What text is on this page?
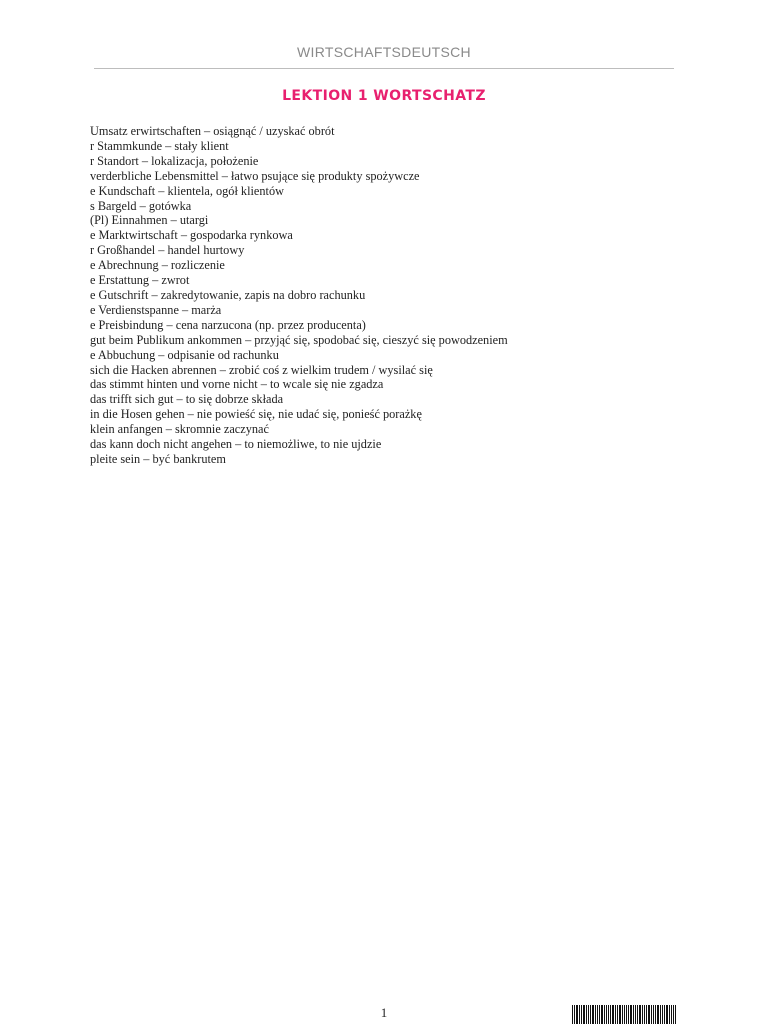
WIRTSCHAFTSDEUTSCH
LEKTION 1 WORTSCHATZ
Umsatz erwirtschaften – osiągnąć / uzyskać obrót
r Stammkunde – stały klient
r Standort – lokalizacja, położenie
verderbliche Lebensmittel – łatwo psujące się produkty spożywcze
e Kundschaft – klientela, ogół klientów
s Bargeld – gotówka
(Pl) Einnahmen – utargi
e Marktwirtschaft – gospodarka rynkowa
r Großhandel – handel hurtowy
e Abrechnung – rozliczenie
e Erstattung – zwrot
e Gutschrift – zakredytowanie, zapis na dobro rachunku
e Verdienstspanne – marża
e Preisbindung – cena narzucona (np. przez producenta)
gut beim Publikum ankommen – przyjąć się, spodobać się, cieszyć się powodzeniem
e Abbuchung – odpisanie od rachunku
sich die Hacken abrennen – zrobić coś z wielkim trudem / wysilać się
das stimmt hinten und vorne nicht – to wcale się nie zgadza
das trifft sich gut – to się dobrze składa
in die Hosen gehen – nie powieść się, nie udać się, ponieść porażkę
klein anfangen – skromnie zaczynać
das kann doch nicht angehen – to niemożliwe, to nie ujdzie
pleite sein – być bankrutem
1
